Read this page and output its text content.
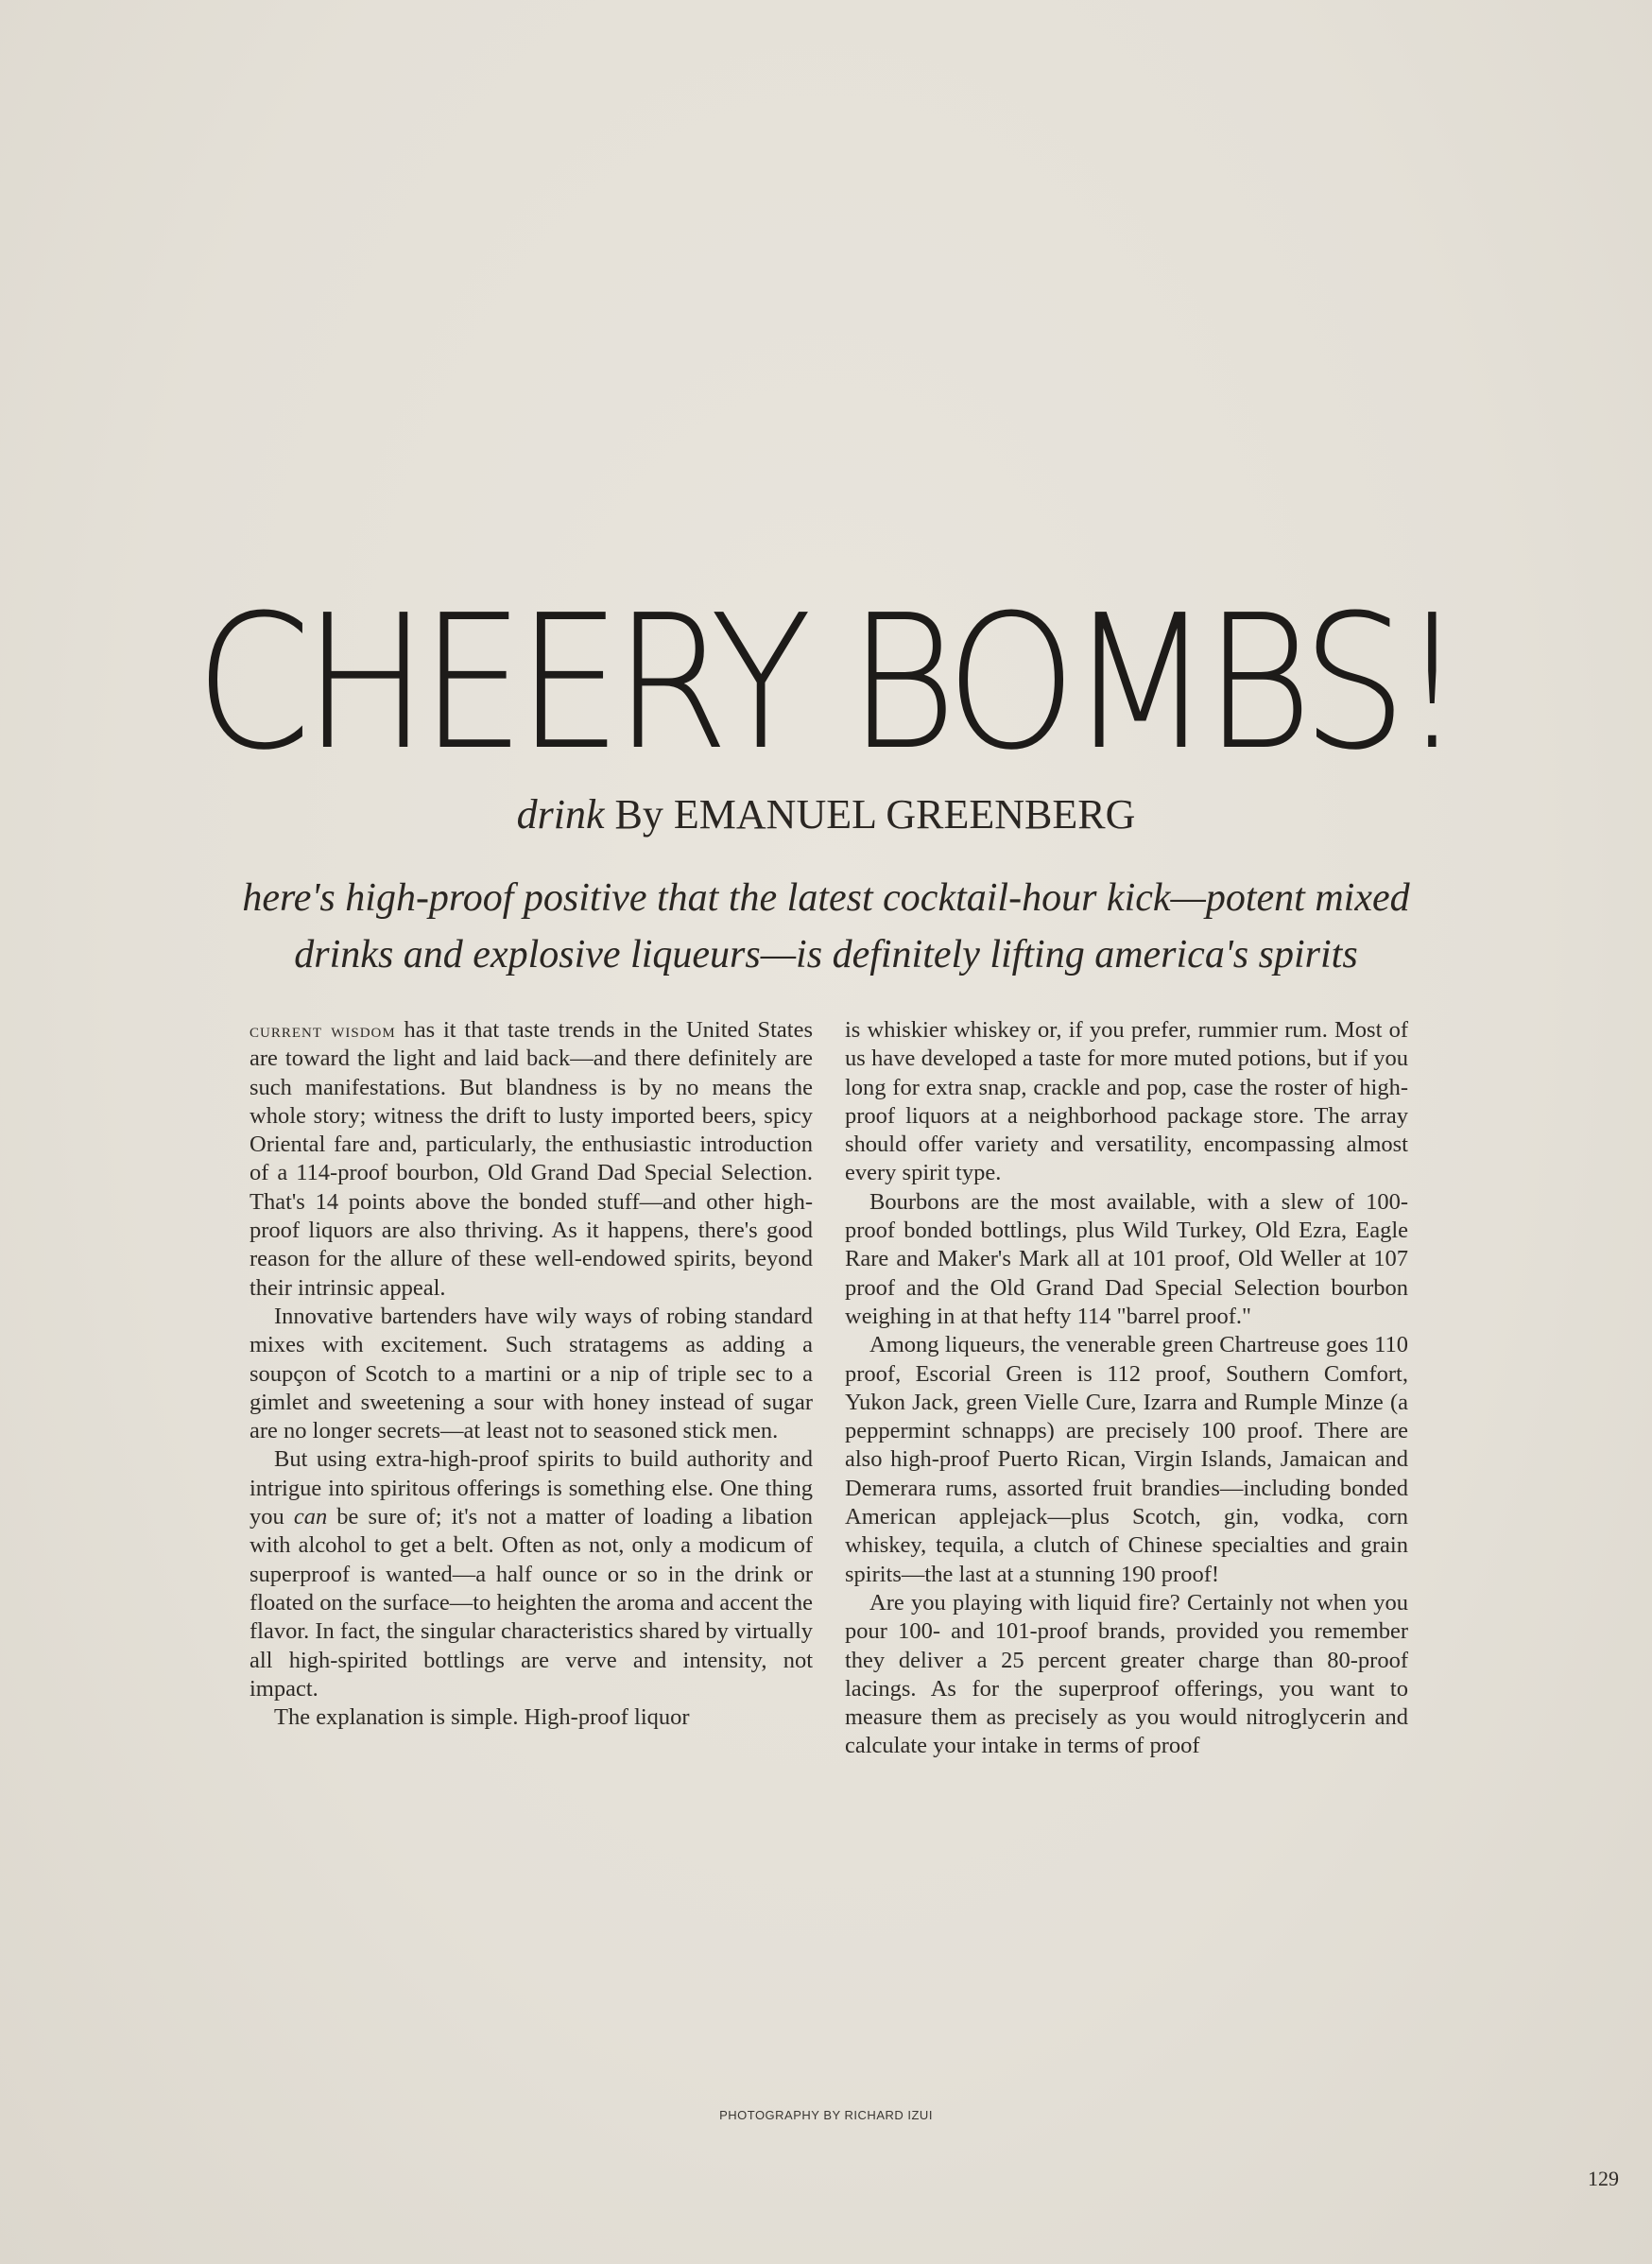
CHEERY BOMBS!
drink By EMANUEL GREENBERG
here's high-proof positive that the latest cocktail-hour kick—potent mixed
drinks and explosive liqueurs—is definitely lifting america's spirits

current wisdom has it that taste trends in the United States are toward the light and laid back—and there definitely are such manifestations. But blandness is by no means the whole story; witness the drift to lusty imported beers, spicy Oriental fare and, particularly, the enthusiastic introduction of a 114-proof bourbon, Old Grand Dad Special Selection. That's 14 points above the bonded stuff—and other high-proof liquors are also thriving. As it happens, there's good reason for the allure of these well-endowed spirits, beyond their intrinsic appeal.

Innovative bartenders have wily ways of robing standard mixes with excitement. Such stratagems as adding a soupçon of Scotch to a martini or a nip of triple sec to a gimlet and sweetening a sour with honey instead of sugar are no longer secrets—at least not to seasoned stick men.

But using extra-high-proof spirits to build authority and intrigue into spiritous offerings is something else. One thing you can be sure of; it's not a matter of loading a libation with alcohol to get a belt. Often as not, only a modicum of superproof is wanted—a half ounce or so in the drink or floated on the surface—to heighten the aroma and accent the flavor. In fact, the singular characteristics shared by virtually all high-spirited bottlings are verve and intensity, not impact.

The explanation is simple. High-proof liquor

is whiskier whiskey or, if you prefer, rummier rum. Most of us have developed a taste for more muted potions, but if you long for extra snap, crackle and pop, case the roster of high-proof liquors at a neighborhood package store. The array should offer variety and versatility, encompassing almost every spirit type.

Bourbons are the most available, with a slew of 100-proof bonded bottlings, plus Wild Turkey, Old Ezra, Eagle Rare and Maker's Mark all at 101 proof, Old Weller at 107 proof and the Old Grand Dad Special Selection bourbon weighing in at that hefty 114 "barrel proof."

Among liqueurs, the venerable green Chartreuse goes 110 proof, Escorial Green is 112 proof, Southern Comfort, Yukon Jack, green Vielle Cure, Izarra and Rumple Minze (a peppermint schnapps) are precisely 100 proof. There are also high-proof Puerto Rican, Virgin Islands, Jamaican and Demerara rums, assorted fruit brandies—including bonded American applejack—plus Scotch, gin, vodka, corn whiskey, tequila, a clutch of Chinese specialties and grain spirits—the last at a stunning 190 proof!

Are you playing with liquid fire? Certainly not when you pour 100- and 101-proof brands, provided you remember they deliver a 25 percent greater charge than 80-proof lacings. As for the superproof offerings, you want to measure them as precisely as you would nitroglycerin and calculate your intake in terms of proof

PHOTOGRAPHY BY RICHARD IZUI
129
